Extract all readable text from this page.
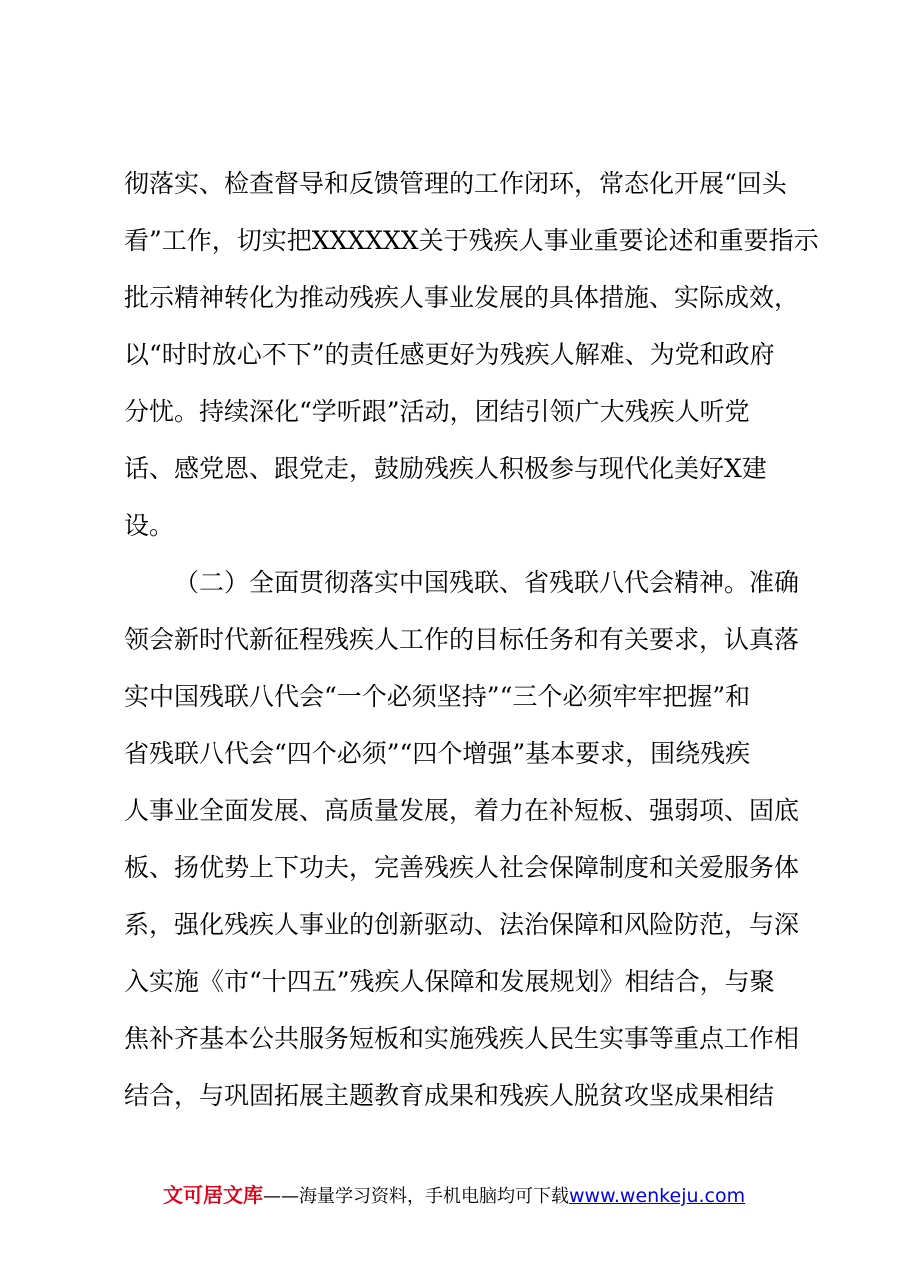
彻落实、检查督导和反馈管理的工作闭环，常态化开展“回头
看”工作，切实把XXXXXX关于残疾人事业重要论述和重要指示
批示精神转化为推动残疾人事业发展的具体措施、实际成效，
以“时时放心不下”的责任感更好为残疾人解难、为党和政府
分忧。持续深化“学听跟”活动，团结引领广大残疾人听党
话、感党恩、跟党走，鼓励残疾人积极参与现代化美好X建
设。
（二）全面贯彻落实中国残联、省残联八代会精神。准确
领会新时代新征程残疾人工作的目标任务和有关要求，认真落
实中国残联八代会“一个必须坚持”“三个必须牢牢把握”和
省残联八代会“四个必须”“四个增强”基本要求，围绕残疾
人事业全面发展、高质量发展，着力在补短板、强弱项、固底
板、扬优势上下功夫，完善残疾人社会保障制度和关爱服务体
系，强化残疾人事业的创新驱动、法治保障和风险防范，与深
入实施《市“十四五”残疾人保障和发展规划》相结合，与聚
焦补齐基本公共服务短板和实施残疾人民生实事等重点工作相
结合，与巩固拓展主题教育成果和残疾人脱贫攻坚成果相结
文可居文库——海量学习资料，手机电脑均可下载www.wenkeju.com
